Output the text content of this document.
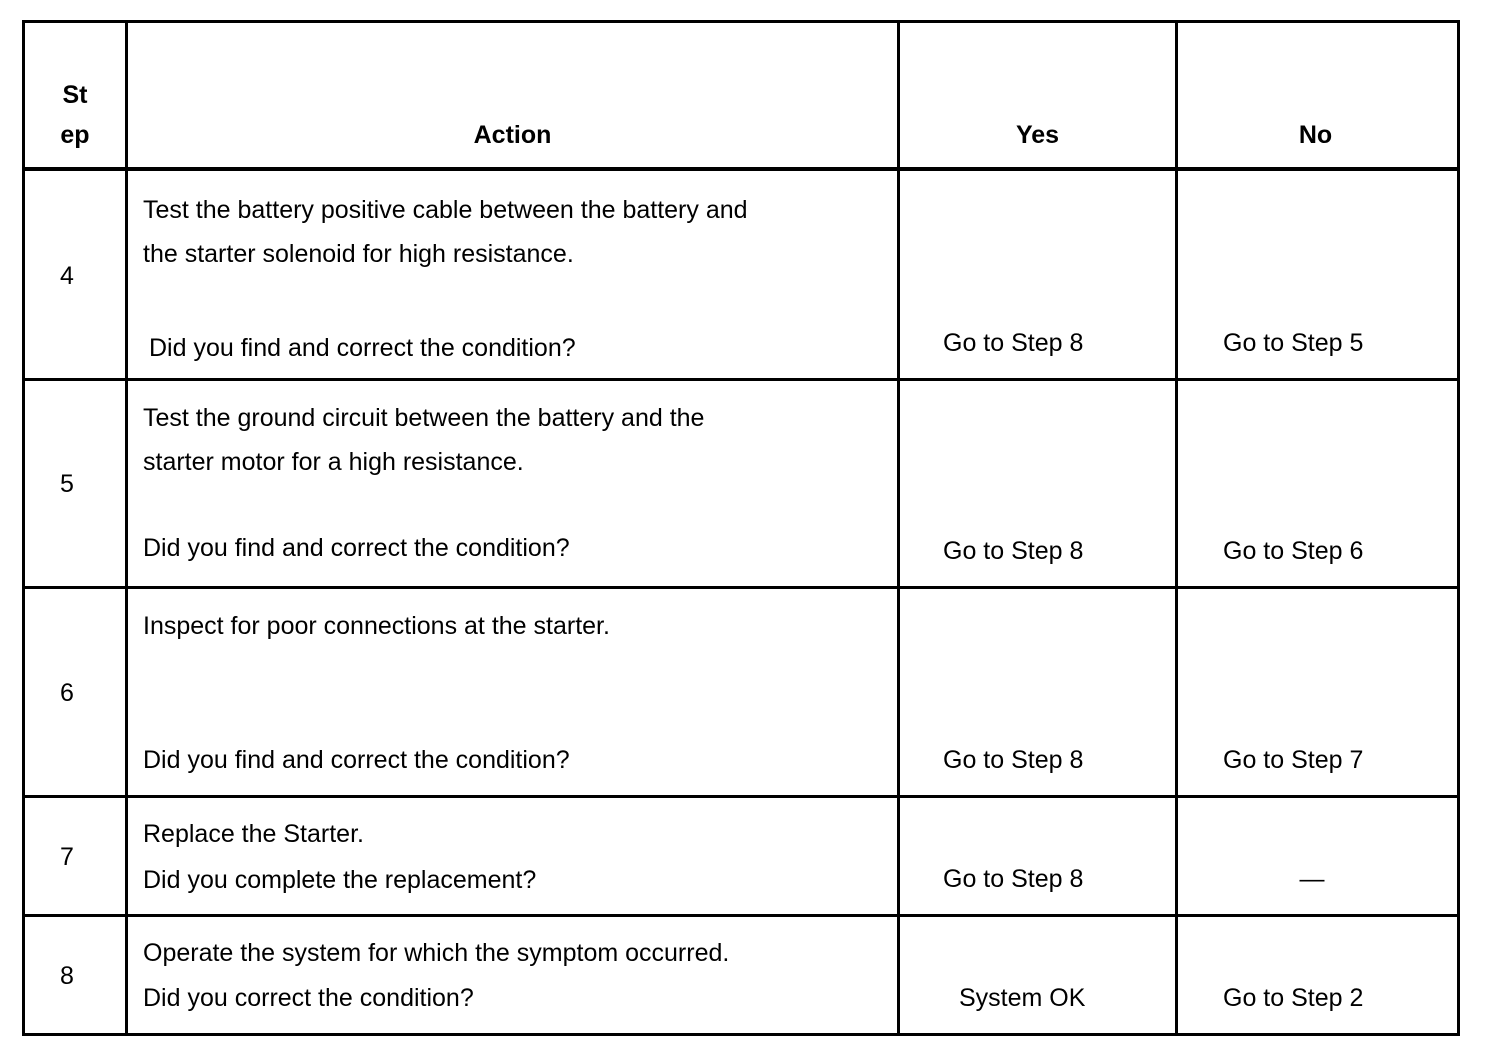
St
ep	Action	Yes	No
4
Test the battery positive cable between the battery and
the starter solenoid for high resistance.
Did you find and correct the condition?	Go to Step 8	Go to Step 5
5
Test the ground circuit between the battery and the
starter motor for a high resistance.
Did you find and correct the condition?	Go to Step 8	Go to Step 6
6
Inspect for poor connections at the starter.
Did you find and correct the condition?	Go to Step 8	Go to Step 7
7
Replace the Starter.
Did you complete the replacement?	Go to Step 8	—
8
Operate the system for which the symptom occurred.
Did you correct the condition?	System OK	Go to Step 2
